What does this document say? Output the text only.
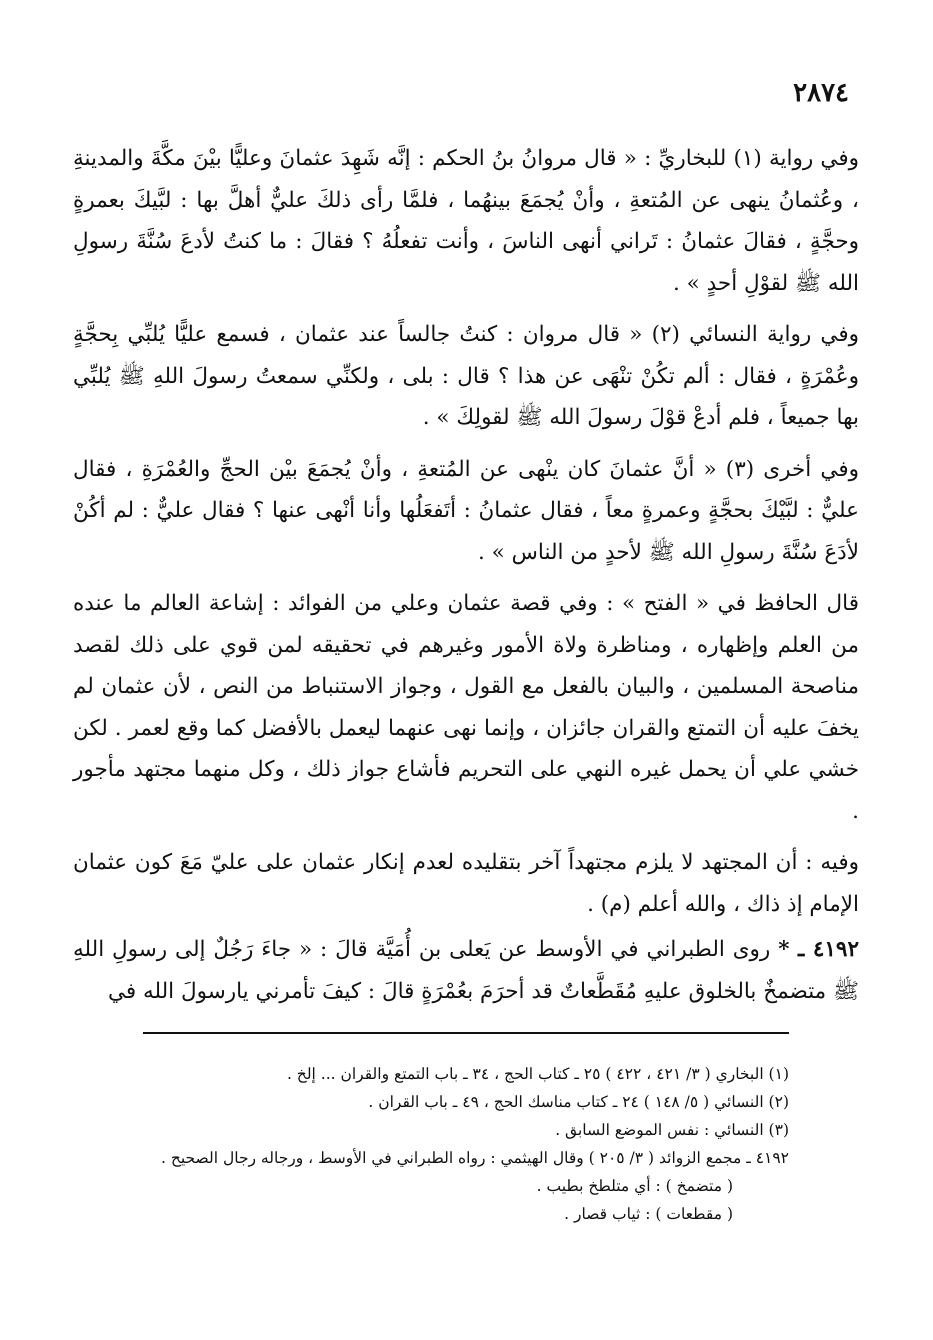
٢٨٧٤

وفي رواية (١) للبخاريِّ : « قال مروانُ بنُ الحكم : إنَّه شَهِدَ عثمانَ وعليًّا بيْنَ مكَّةَ والمدينةِ ، وعُثمانُ ينهى عن المُتعةِ ، وأنْ يُجمَعَ بينهُما ، فلمَّا رأى ذلكَ عليٌّ أهلَّ بها : لبَّيكَ بعمرةٍ وحجَّةٍ ، فقالَ عثمانُ : تَراني أنهى الناسَ ، وأنت تفعلُهُ ؟ فقالَ : ما كنتُ لأدعَ سُنَّةَ رسولِ الله ﷺ لقوْلِ أحدٍ » .

وفي رواية النسائي (٢) « قال مروان : كنتُ جالساً عند عثمان ، فسمع عليًّا يُلبِّي بِحجَّةٍ وعُمْرَةٍ ، فقال : ألم تكُنْ تنْهَى عن هذا ؟ قال : بلى ، ولكنِّي سمعتُ رسولَ اللهِ ﷺ يُلبِّي بها جميعاً ، فلم أدعْ قوْلَ رسولَ الله ﷺ لقولِكَ » .

وفي أخرى (٣) « أنَّ عثمانَ كان ينْهى عن المُتعةِ ، وأنْ يُجمَعَ بيْن الحجِّ والعُمْرَةِ ، فقال عليٌّ : لبَّيْكَ بحجَّةٍ وعمرةٍ معاً ، فقال عثمانُ : أتَفعَلُها وأنا أنْهى عنها ؟ فقال عليٌّ : لم أكُنْ لأدَعَ سُنَّةَ رسولِ الله ﷺ لأحدٍ من الناس » .

قال الحافظ في « الفتح » : وفي قصة عثمان وعلي من الفوائد : إشاعة العالم ما عنده من العلم وإظهاره ، ومناظرة ولاة الأمور وغيرهم في تحقيقه لمن قوي على ذلك لقصد مناصحة المسلمين ، والبيان بالفعل مع القول ، وجواز الاستنباط من النص ، لأن عثمان لم يخفَ عليه أن التمتع والقران جائزان ، وإنما نهى عنهما ليعمل بالأفضل كما وقع لعمر . لكن خشي علي أن يحمل غيره النهي على التحريم فأشاع جواز ذلك ، وكل منهما مجتهد مأجور .

وفيه : أن المجتهد لا يلزم مجتهداً آخر بتقليده لعدم إنكار عثمان على عليّ مَعَ كون عثمان الإمام إذ ذاك ، والله أعلم (م) .

٤١٩٢ ـ * روى الطبراني في الأوسط عن يَعلى بن أُمَيَّة قالَ : « جاءَ رَجُلٌ إلى رسولِ اللهِ ﷺ متضمخٌ بالخلوق عليهِ مُقَطَّعاتٌ قد أحرَمَ بعُمْرَةٍ قالَ : كيفَ تأمرني يارسولَ الله في

(١) البخاري ( ٣/ ٤٢١ ، ٤٢٢ ) ٢٥ ـ كتاب الحج ، ٣٤ ـ باب التمتع والقران ... إلخ .

(٢) النسائي ( ٥/ ١٤٨ ) ٢٤ ـ كتاب مناسك الحج ، ٤٩ ـ باب القران .

(٣) النسائي : نفس الموضع السابق .

٤١٩٢ ـ مجمع الزوائد ( ٣/ ٢٠٥ ) وقال الهيثمي : رواه الطبراني في الأوسط ، ورجاله رجال الصحيح .

( متضمخ ) : أي متلطخ بطيب .

( مقطعات ) : ثياب قصار .
